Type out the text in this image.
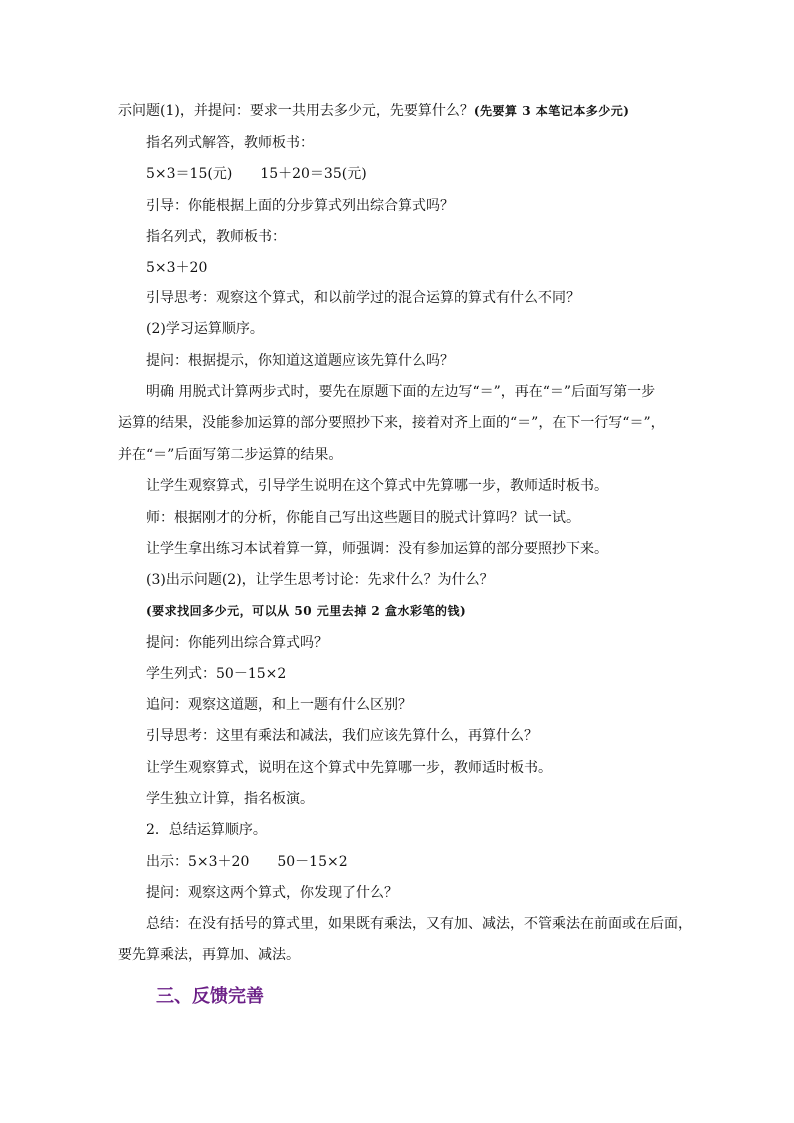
示问题(1)，并提问：要求一共用去多少元，先要算什么？(先要算 3 本笔记本多少元)
指名列式解答，教师板书：
5×3＝15(元)　　15＋20＝35(元)
引导：你能根据上面的分步算式列出综合算式吗？
指名列式，教师板书：
5×3＋20
引导思考：观察这个算式，和以前学过的混合运算的算式有什么不同？
(2)学习运算顺序。
提问：根据提示，你知道这道题应该先算什么吗？
明确 用脱式计算两步式时，要先在原题下面的左边写“＝”，再在“＝”后面写第一步
运算的结果，没能参加运算的部分要照抄下来，接着对齐上面的“＝”，在下一行写“＝”，
并在“＝”后面写第二步运算的结果。
让学生观察算式，引导学生说明在这个算式中先算哪一步，教师适时板书。
师：根据刚才的分析，你能自己写出这些题目的脱式计算吗？试一试。
让学生拿出练习本试着算一算，师强调：没有参加运算的部分要照抄下来。
(3)出示问题(2)，让学生思考讨论：先求什么？为什么？
(要求找回多少元，可以从 50 元里去掉 2 盒水彩笔的钱)
提问：你能列出综合算式吗？
学生列式：50－15×2
追问：观察这道题，和上一题有什么区别？
引导思考：这里有乘法和减法，我们应该先算什么，再算什么？
让学生观察算式，说明在这个算式中先算哪一步，教师适时板书。
学生独立计算，指名板演。
2．总结运算顺序。
出示：5×3＋20　　50－15×2
提问：观察这两个算式，你发现了什么？
总结：在没有括号的算式里，如果既有乘法，又有加、减法，不管乘法在前面或在后面，
要先算乘法，再算加、减法。
三、反馈完善
